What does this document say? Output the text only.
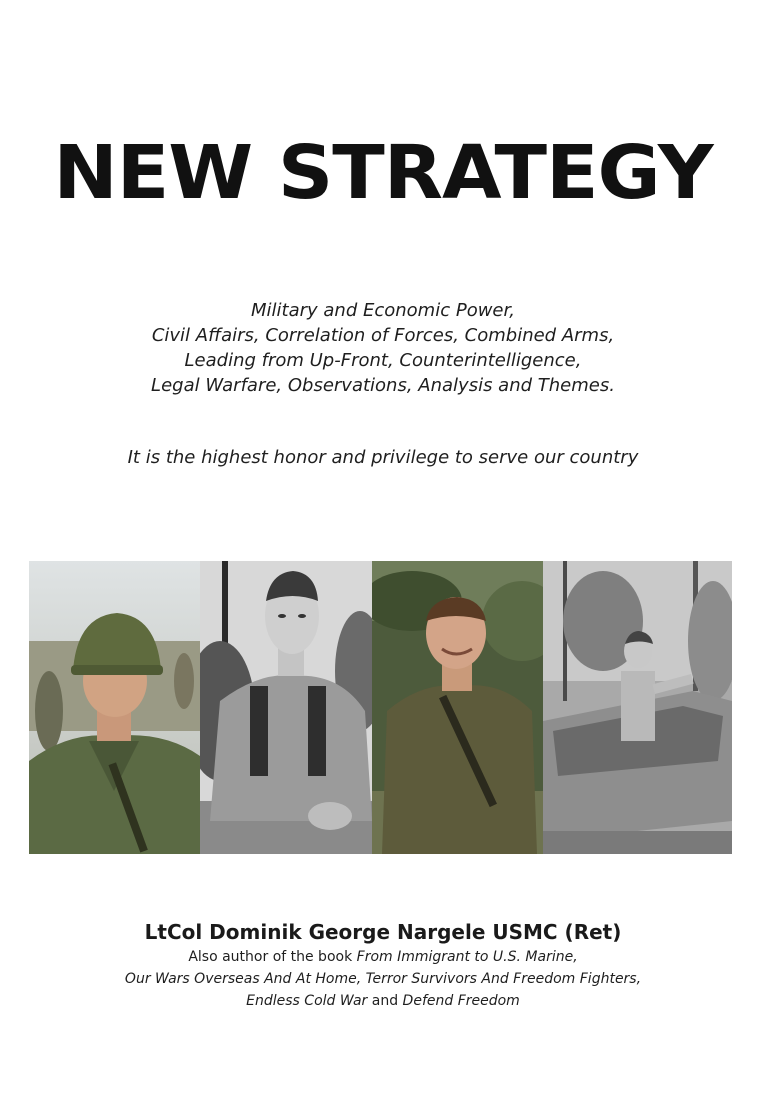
NEW STRATEGY
Military and Economic Power,
Civil Affairs, Correlation of Forces, Combined Arms,
Leading from Up-Front, Counterintelligence,
Legal Warfare, Observations, Analysis and Themes.
It is the highest honor and privilege to serve our country
LtCol Dominik George Nargele USMC (Ret)
Also author of the book From Immigrant to U.S. Marine,
Our Wars Overseas And At Home, Terror Survivors And Freedom Fighters,
Endless Cold War and Defend Freedom
